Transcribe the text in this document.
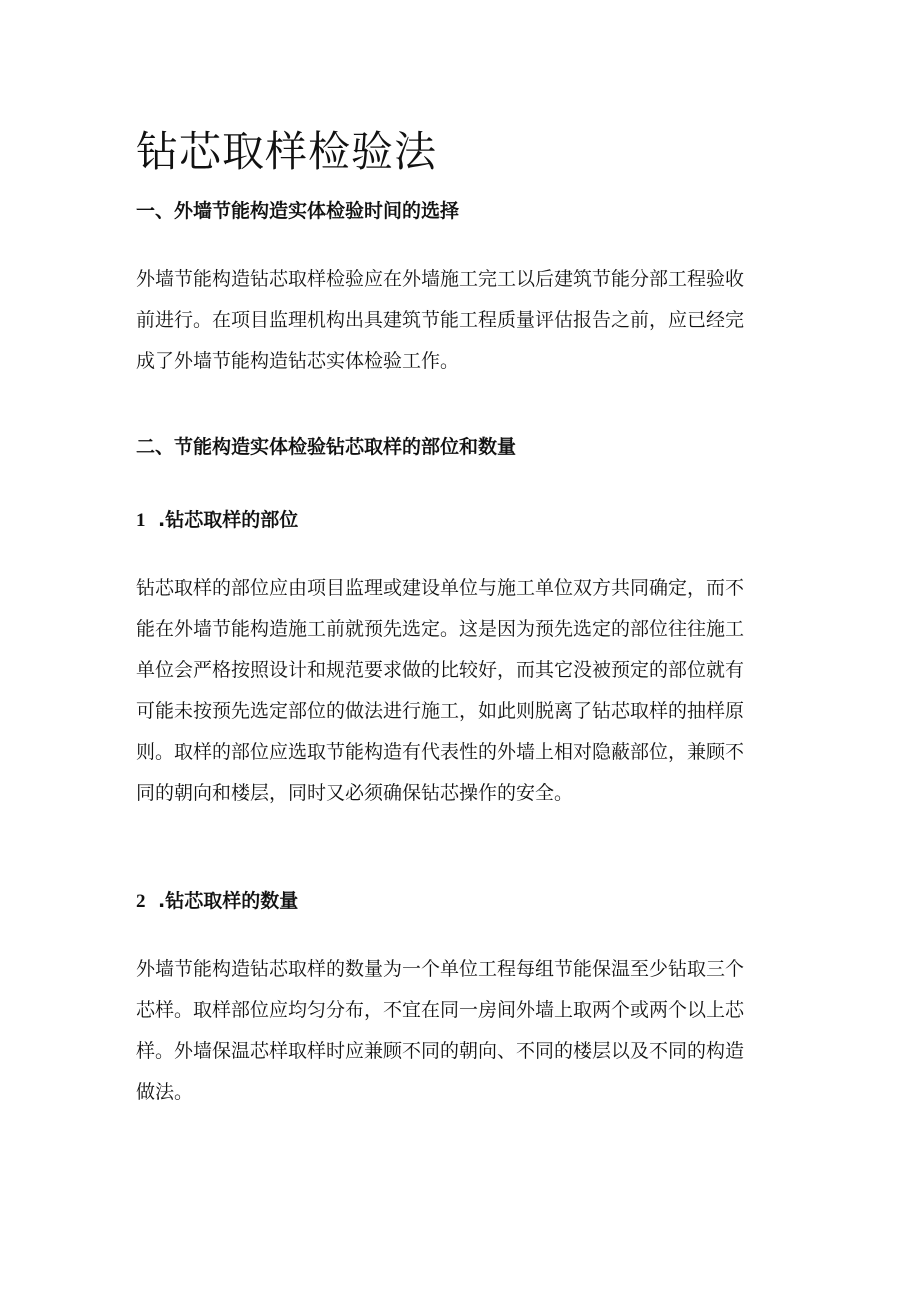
钻芯取样检验法
一、外墙节能构造实体检验时间的选择
外墙节能构造钻芯取样检验应在外墙施工完工以后建筑节能分部工程验收
前进行。在项目监理机构出具建筑节能工程质量评估报告之前，应已经完
成了外墙节能构造钻芯实体检验工作。
二、节能构造实体检验钻芯取样的部位和数量
1 .钻芯取样的部位
钻芯取样的部位应由项目监理或建设单位与施工单位双方共同确定，而不
能在外墙节能构造施工前就预先选定。这是因为预先选定的部位往往施工
单位会严格按照设计和规范要求做的比较好，而其它没被预定的部位就有
可能未按预先选定部位的做法进行施工，如此则脱离了钻芯取样的抽样原
则。取样的部位应选取节能构造有代表性的外墙上相对隐蔽部位，兼顾不
同的朝向和楼层，同时又必须确保钻芯操作的安全。
2 .钻芯取样的数量
外墙节能构造钻芯取样的数量为一个单位工程每组节能保温至少钻取三个
芯样。取样部位应均匀分布，不宜在同一房间外墙上取两个或两个以上芯
样。外墙保温芯样取样时应兼顾不同的朝向、不同的楼层以及不同的构造
做法。
